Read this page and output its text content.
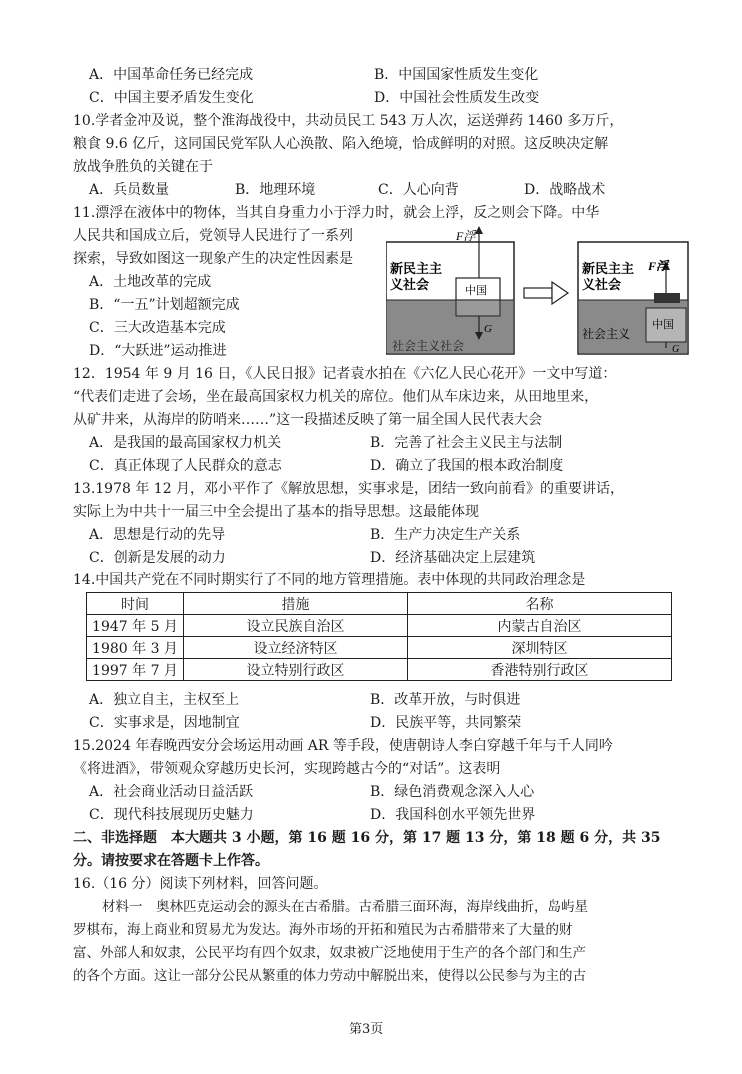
A．中国革命任务已经完成	B．中国国家性质发生变化
C．中国主要矛盾发生变化	D．中国社会性质发生改变
10.学者金冲及说，整个淮海战役中，共动员民工 543 万人次，运送弹药 1460 多万斤，
粮食 9.6 亿斤，这同国民党军队人心涣散、陷入绝境，恰成鲜明的对照。这反映决定解
放战争胜负的关键在于
A．兵员数量	B．地理环境	C．人心向背	D．战略战术
11.漂浮在液体中的物体，当其自身重力小于浮力时，就会上浮，反之则会下降。中华
人民共和国成立后，党领导人民进行了一系列
探索，导致如图这一现象产生的决定性因素是
A．土地改革的完成
B．“一五”计划超额完成
C．三大改造基本完成
D．“大跃进”运动推进
F浮
G
新民主主
义社会	中国
社会主义社会
新民主主
义社会
F浮
中国
社会主义
G
12．1954 年 9 月 16 日，《人民日报》记者袁水拍在《六亿人民心花开》一文中写道：
“代表们走进了会场，坐在最高国家权力机关的席位。他们从车床边来，从田地里来，
从矿井来，从海岸的防哨来……”这一段描述反映了第一届全国人民代表大会
A．是我国的最高国家权力机关	B．完善了社会主义民主与法制
C．真正体现了人民群众的意志	D．确立了我国的根本政治制度
13.1978 年 12 月，邓小平作了《解放思想，实事求是，团结一致向前看》的重要讲话，
实际上为中共十一届三中全会提出了基本的指导思想。这最能体现
A．思想是行动的先导	B．生产力决定生产关系
C．创新是发展的动力	D．经济基础决定上层建筑
14.中国共产党在不同时期实行了不同的地方管理措施。表中体现的共同政治理念是
时间	措施	名称
1947 年 5 月	设立民族自治区	内蒙古自治区
1980 年 3 月	设立经济特区	深圳特区
1997 年 7 月	设立特别行政区	香港特别行政区
A．独立自主，主权至上	B．改革开放，与时俱进
C．实事求是，因地制宜	D．民族平等，共同繁荣
15.2024 年春晚西安分会场运用动画 AR 等手段，使唐朝诗人李白穿越千年与千人同吟
《将进酒》，带领观众穿越历史长河，实现跨越古今的“对话”。这表明
A．社会商业活动日益活跃	B．绿色消费观念深入人心
C．现代科技展现历史魅力	D．我国科创水平领先世界
二、非选择题　本大题共 3 小题，第 16 题 16 分，第 17 题 13 分，第 18 题 6 分，共 35
分。请按要求在答题卡上作答。
16.（16 分）阅读下列材料，回答问题。
材料一　奥林匹克运动会的源头在古希腊。古希腊三面环海，海岸线曲折，岛屿星
罗棋布，海上商业和贸易尤为发达。海外市场的开拓和殖民为古希腊带来了大量的财
富、外部人和奴隶，公民平均有四个奴隶，奴隶被广泛地使用于生产的各个部门和生产
的各个方面。这让一部分公民从繁重的体力劳动中解脱出来，使得以公民参与为主的古
第3页
